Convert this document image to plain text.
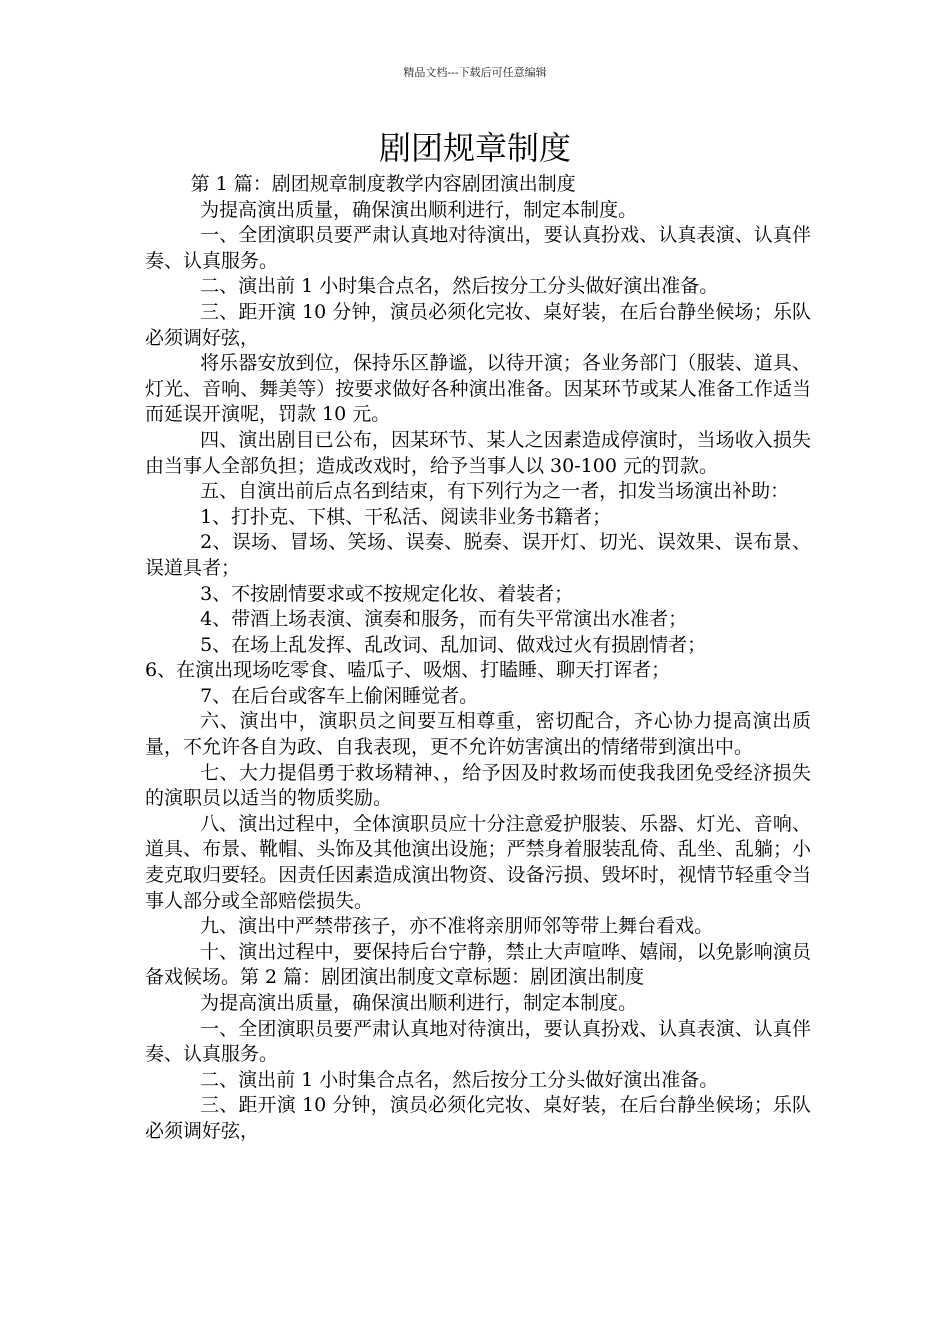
精品文档---下载后可任意编辑
剧团规章制度

第 1 篇：剧团规章制度教学内容剧团演出制度

为提高演出质量，确保演出顺利进行，制定本制度。

一、全团演职员要严肃认真地对待演出，要认真扮戏、认真表演、认真伴奏、认真服务。

二、演出前 1 小时集合点名，然后按分工分头做好演出准备。

三、距开演 10 分钟，演员必须化完妆、桌好装，在后台静坐候场；乐队必须调好弦，

将乐器安放到位，保持乐区静谧，以待开演；各业务部门（服装、道具、灯光、音响、舞美等）按要求做好各种演出准备。因某环节或某人准备工作适当而延误开演呢，罚款 10 元。

四、演出剧目已公布，因某环节、某人之因素造成停演时，当场收入损失由当事人全部负担；造成改戏时，给予当事人以 30-100 元的罚款。

五、自演出前后点名到结束，有下列行为之一者，扣发当场演出补助：

1、打扑克、下棋、干私活、阅读非业务书籍者；

2、误场、冒场、笑场、误奏、脱奏、误开灯、切光、误效果、误布景、误道具者；

3、不按剧情要求或不按规定化妆、着装者；

4、带酒上场表演、演奏和服务，而有失平常演出水准者；

5、在场上乱发挥、乱改词、乱加词、做戏过火有损剧情者；

6、在演出现场吃零食、嗑瓜子、吸烟、打瞌睡、聊天打诨者；

7、在后台或客车上偷闲睡觉者。

六、演出中，演职员之间要互相尊重，密切配合，齐心协力提高演出质量，不允许各自为政、自我表现，更不允许妨害演出的情绪带到演出中。

七、大力提倡勇于救场精神、，给予因及时救场而使我我团免受经济损失的演职员以适当的物质奖励。

八、演出过程中，全体演职员应十分注意爱护服装、乐器、灯光、音响、道具、布景、靴帽、头饰及其他演出设施；严禁身着服装乱倚、乱坐、乱躺；小麦克取归要轻。因责任因素造成演出物资、设备污损、毁坏时，视情节轻重令当事人部分或全部赔偿损失。

九、演出中严禁带孩子，亦不准将亲朋师邻等带上舞台看戏。

十、演出过程中，要保持后台宁静，禁止大声喧哗、嬉闹，以免影响演员备戏候场。第 2 篇：剧团演出制度文章标题：剧团演出制度

为提高演出质量，确保演出顺利进行，制定本制度。

一、全团演职员要严肃认真地对待演出，要认真扮戏、认真表演、认真伴奏、认真服务。

二、演出前 1 小时集合点名，然后按分工分头做好演出准备。

三、距开演 10 分钟，演员必须化完妆、桌好装，在后台静坐候场；乐队必须调好弦，
